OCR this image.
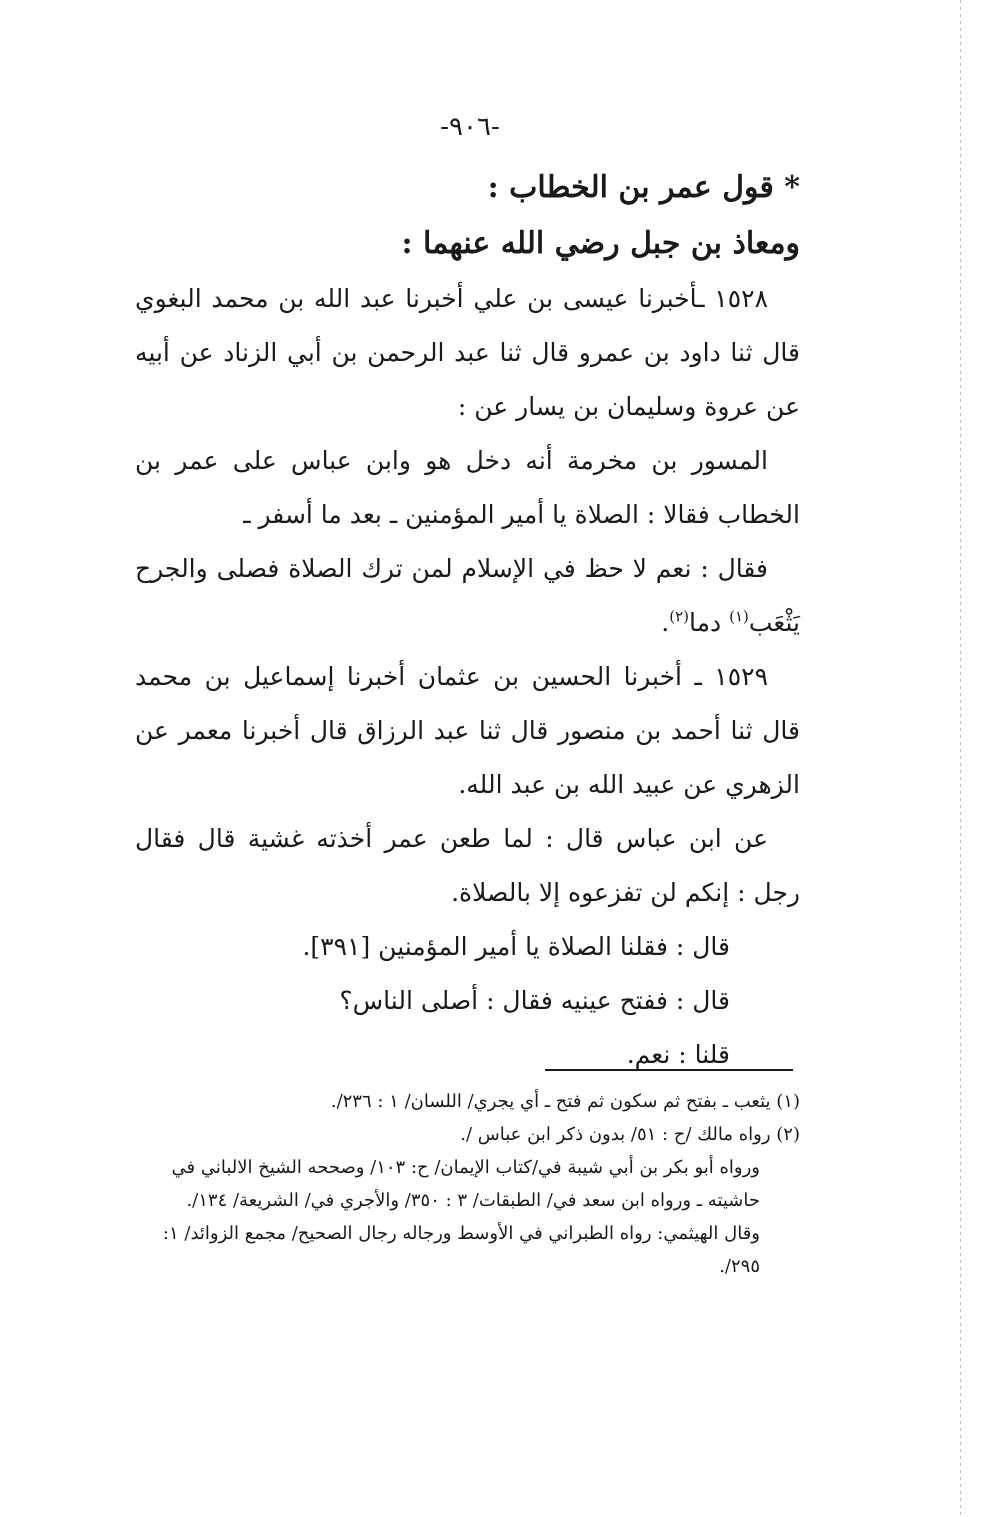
-٩٠٦-

* قول عمر بن الخطاب :

ومعاذ بن جبل رضي الله عنهما :

١٥٢٨ ـأخبرنا عيسى بن علي أخبرنا عبد الله بن محمد البغوي قال ثنا داود بن عمرو قال ثنا عبد الرحمن بن أبي الزناد عن أبيه عن عروة وسليمان بن يسار عن :

المسور بن مخرمة أنه دخل هو وابن عباس على عمر بن الخطاب فقالا : الصلاة يا أمير المؤمنين ـ بعد ما أسفر ـ

فقال : نعم لا حظ في الإسلام لمن ترك الصلاة فصلى والجرح يَثْعَب$^{(١)}$ دما$^{(٢)}$.

١٥٢٩ ـ أخبرنا الحسين بن عثمان أخبرنا إسماعيل بن محمد قال ثنا أحمد بن منصور قال ثنا عبد الرزاق قال أخبرنا معمر عن الزهري عن عبيد الله بن عبد الله.

عن ابن عباس قال : لما طعن عمر أخذته غشية قال فقال رجل : إنكم لن تفزعوه إلا بالصلاة.

قال : فقلنا الصلاة يا أمير المؤمنين [٣٩١].

قال : ففتح عينيه فقال : أصلى الناس؟

قلنا : نعم.

(١) يثعب ـ بفتح ثم سكون ثم فتح ـ أي يجري/ اللسان/ ١ : ٢٣٦/.

(٢) رواه مالك /ح : ٥١/ بدون ذكر ابن عباس /.

ورواه أبو بكر بن أبي شيبة في/كتاب الإيمان/ ح: ١٠٣/ وصححه الشيخ الالباني في حاشيته ـ ورواه ابن سعد في/ الطبقات/ ٣ : ٣٥٠/ والأجري في/ الشريعة/ ١٣٤/.

وقال الهيثمي: رواه الطبراني في الأوسط ورجاله رجال الصحيح/ مجمع الزوائد/ ١: ٢٩٥/.
